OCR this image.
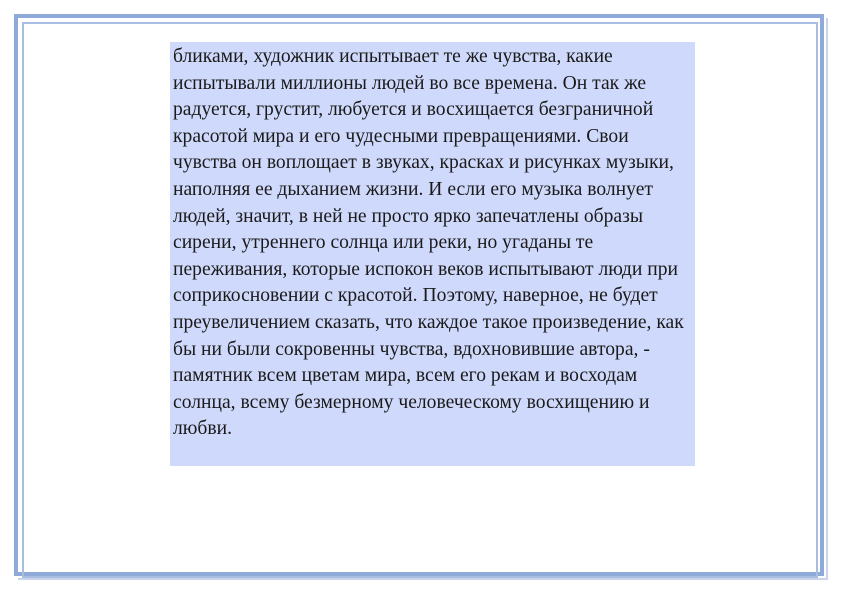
бликами, художник испытывает те же чувства, какие испытывали миллионы людей во все времена. Он так же радуется, грустит, любуется и восхищается безграничной красотой мира и его чудесными превращениями. Свои чувства он воплощает в звуках, красках и рисунках музыки, наполняя ее дыханием жизни. И если его музыка волнует людей, значит, в ней не просто ярко запечатлены образы сирени, утреннего солнца или реки, но угаданы те переживания, которые испокон веков испытывают люди при соприкосновении с красотой. Поэтому, наверное, не будет преувеличением сказать, что каждое такое произведение, как бы ни были сокровенны чувства, вдохновившие автора, - памятник всем цветам мира, всем его рекам и восходам солнца, всему безмерному человеческому восхищению и любви.
